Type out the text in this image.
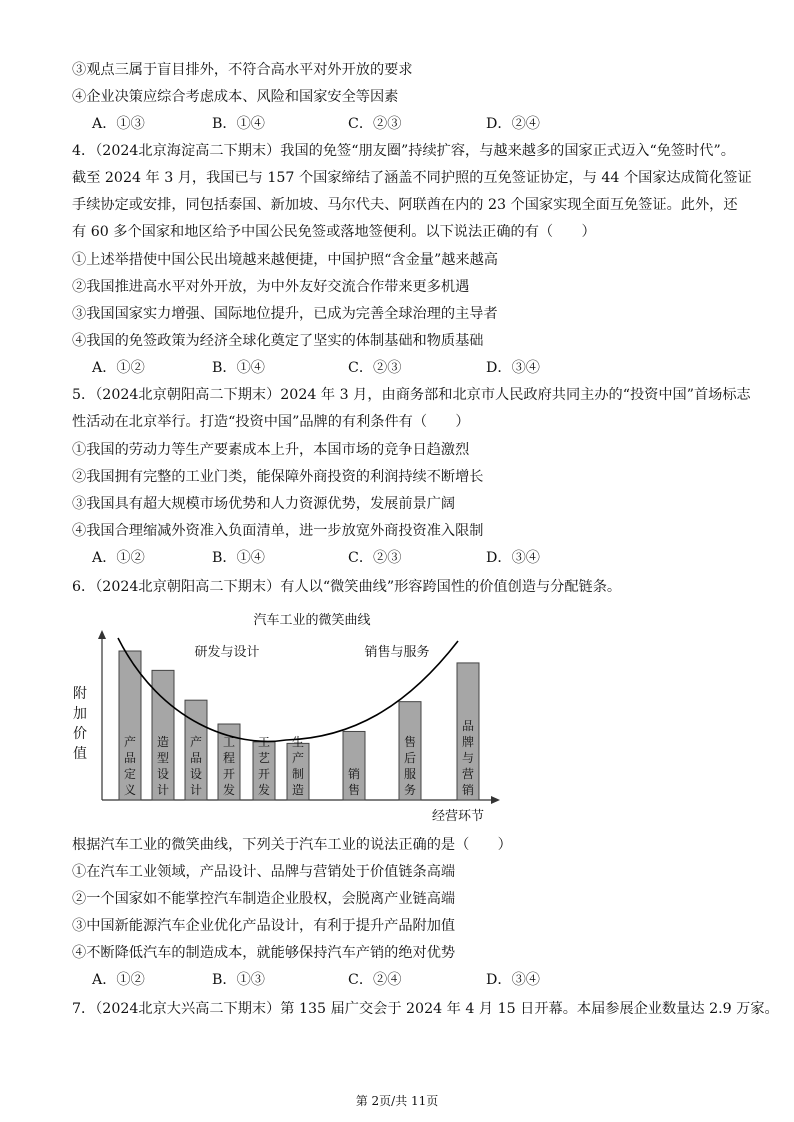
③观点三属于盲目排外，不符合高水平对外开放的要求
④企业决策应综合考虑成本、风险和国家安全等因素
A．①③	B．①④	C．②③	D．②④
4．（2024北京海淀高二下期末）我国的免签“朋友圈”持续扩容，与越来越多的国家正式迈入“免签时代”。
截至 2024 年 3 月，我国已与 157 个国家缔结了涵盖不同护照的互免签证协定，与 44 个国家达成简化签证
手续协定或安排，同包括泰国、新加坡、马尔代夫、阿联酋在内的 23 个国家实现全面互免签证。此外，还
有 60 多个国家和地区给予中国公民免签或落地签便利。以下说法正确的有（　　）
①上述举措使中国公民出境越来越便捷，中国护照“含金量”越来越高
②我国推进高水平对外开放，为中外友好交流合作带来更多机遇
③我国国家实力增强、国际地位提升，已成为完善全球治理的主导者
④我国的免签政策为经济全球化奠定了坚实的体制基础和物质基础
A．①②	B．①④	C．②③	D．③④
5．（2024北京朝阳高二下期末）2024 年 3 月，由商务部和北京市人民政府共同主办的“投资中国”首场标志
性活动在北京举行。打造“投资中国”品牌的有利条件有（　　）
①我国的劳动力等生产要素成本上升，本国市场的竞争日趋激烈
②我国拥有完整的工业门类，能保障外商投资的利润持续不断增长
③我国具有超大规模市场优势和人力资源优势，发展前景广阔
④我国合理缩减外资准入负面清单，进一步放宽外商投资准入限制
A．①②	B．①④	C．②③	D．③④
6．（2024北京朝阳高二下期末）有人以“微笑曲线”形容跨国性的价值创造与分配链条。
汽车工业的微笑曲线
研发与设计	销售与服务
附加价值
经营环节
产品定义
造型设计
产品设计
工程开发
工艺开发
生产制造
销售
售后服务
品牌与营销
根据汽车工业的微笑曲线，下列关于汽车工业的说法正确的是（　　）
①在汽车工业领域，产品设计、品牌与营销处于价值链条高端
②一个国家如不能掌控汽车制造企业股权，会脱离产业链高端
③中国新能源汽车企业优化产品设计，有利于提升产品附加值
④不断降低汽车的制造成本，就能够保持汽车产销的绝对优势
A．①②	B．①③	C．②④	D．③④
7．（2024北京大兴高二下期末）第 135 届广交会于 2024 年 4 月 15 日开幕。本届参展企业数量达 2.9 万家。
第 2页/共 11页
